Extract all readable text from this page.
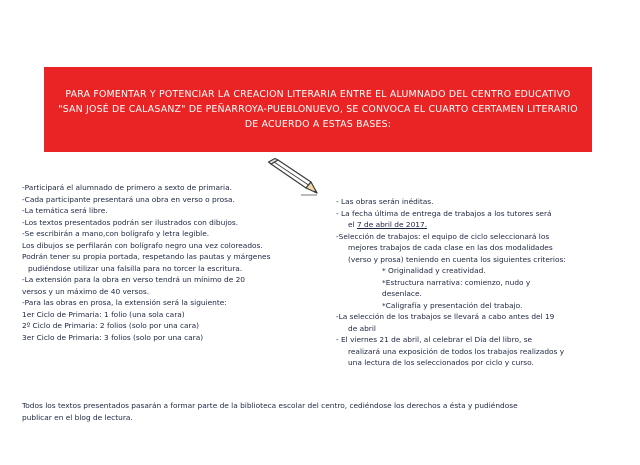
PARA FOMENTAR Y POTENCIAR LA CREACION LITERARIA ENTRE EL ALUMNADO DEL CENTRO EDUCATIVO
"SAN JOSÉ DE CALASANZ" DE PEÑARROYA-PUEBLONUEVO, SE CONVOCA EL CUARTO CERTAMEN LITERARIO
DE ACUERDO A ESTAS BASES:
-Participará el alumnado de primero a sexto de primaria.
-Cada participante presentará una obra en verso o prosa.
-La temática será libre.
-Los textos presentados podrán ser ilustrados con dibujos.
-Se escribirán a mano,con bolígrafo y letra legible.
Los dibujos se perfilarán con bolígrafo negro una vez coloreados.
Podrán tener su propia portada, respetando las pautas y márgenes
pudiéndose utilizar una falsilla para no torcer la escritura.
-La extensión para la obra en verso tendrá un mínimo de 20
versos y un máximo de 40 versos.
-Para las obras en prosa, la extensión será la siguiente:
1er Ciclo de Primaria: 1 folio (una sola cara)
2º Ciclo de Primaria: 2 folios (solo por una cara)
3er Ciclo de Primaria: 3 folios (solo por una cara)
- Las obras serán inéditas.
- La fecha última de entrega de trabajos a los tutores será
el 7 de abril de 2017.
-Selección de trabajos: el equipo de ciclo seleccionará los
mejores trabajos de cada clase en las dos modalidades
(verso y prosa) teniendo en cuenta los siguientes criterios:
* Originalidad y creatividad.
*Estructura narrativa: comienzo, nudo y
desenlace.
*Caligrafía y presentación del trabajo.
-La selección de los trabajos se llevará a cabo antes del 19
de abril
- El viernes 21 de abril, al celebrar el Día del libro, se
realizará una exposición de todos los trabajos realizados y
una lectura de los seleccionados por ciclo y curso.
Todos los textos presentados pasarán a formar parte de la biblioteca escolar del centro, cediéndose los derechos a ésta y pudiéndose
publicar en el blog de lectura.
